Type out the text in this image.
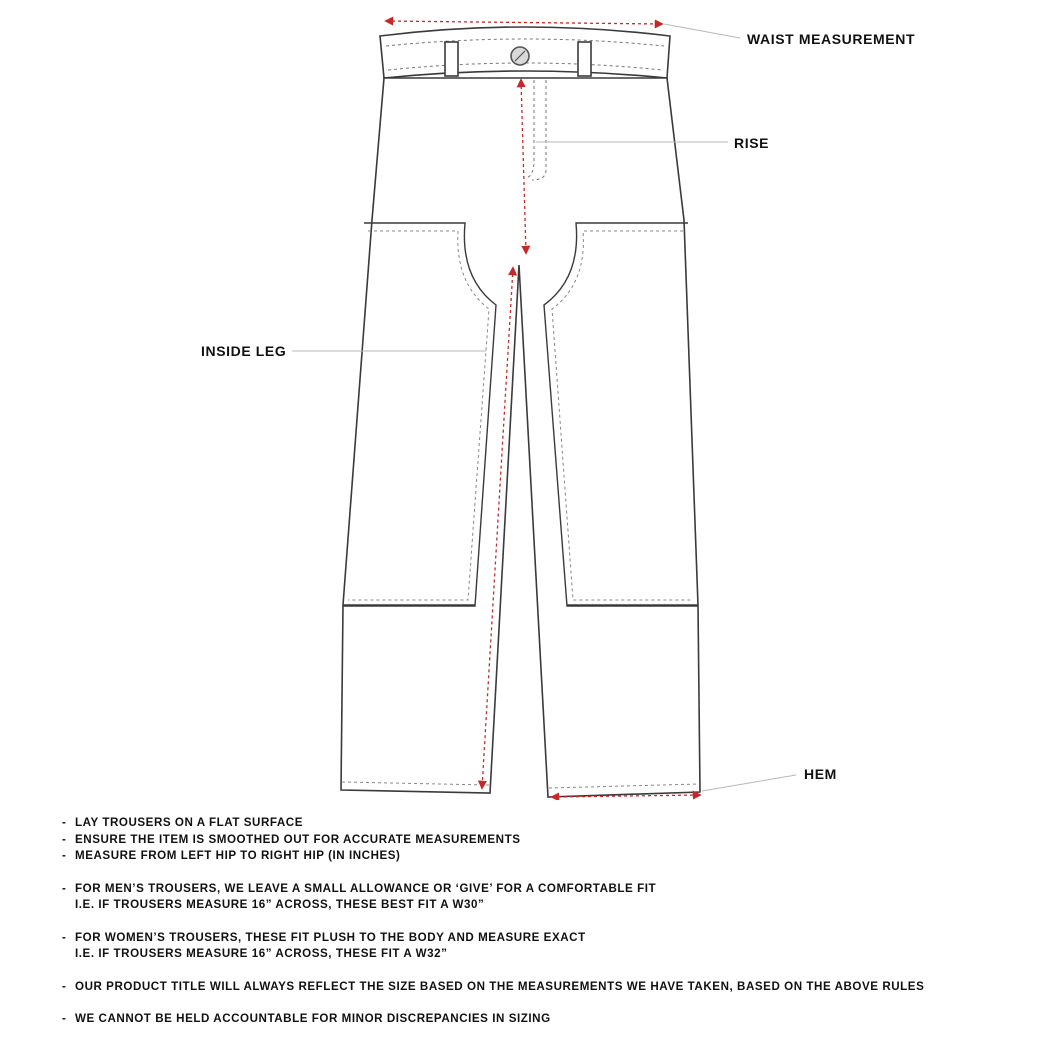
WAIST MEASUREMENT
RISE
INSIDE LEG
HEM
- LAY TROUSERS ON A FLAT SURFACE
- ENSURE THE ITEM IS SMOOTHED OUT FOR ACCURATE MEASUREMENTS
- MEASURE FROM LEFT HIP TO RIGHT HIP (IN INCHES)
- FOR MEN’S TROUSERS, WE LEAVE A SMALL ALLOWANCE OR ‘GIVE’ FOR A COMFORTABLE FIT
I.E. IF TROUSERS MEASURE 16” ACROSS, THESE BEST FIT A W30”
- FOR WOMEN’S TROUSERS, THESE FIT PLUSH TO THE BODY AND MEASURE EXACT
I.E. IF TROUSERS MEASURE 16” ACROSS, THESE FIT A W32”
- OUR PRODUCT TITLE WILL ALWAYS REFLECT THE SIZE BASED ON THE MEASUREMENTS WE HAVE TAKEN, BASED ON THE ABOVE RULES
- WE CANNOT BE HELD ACCOUNTABLE FOR MINOR DISCREPANCIES IN SIZING
